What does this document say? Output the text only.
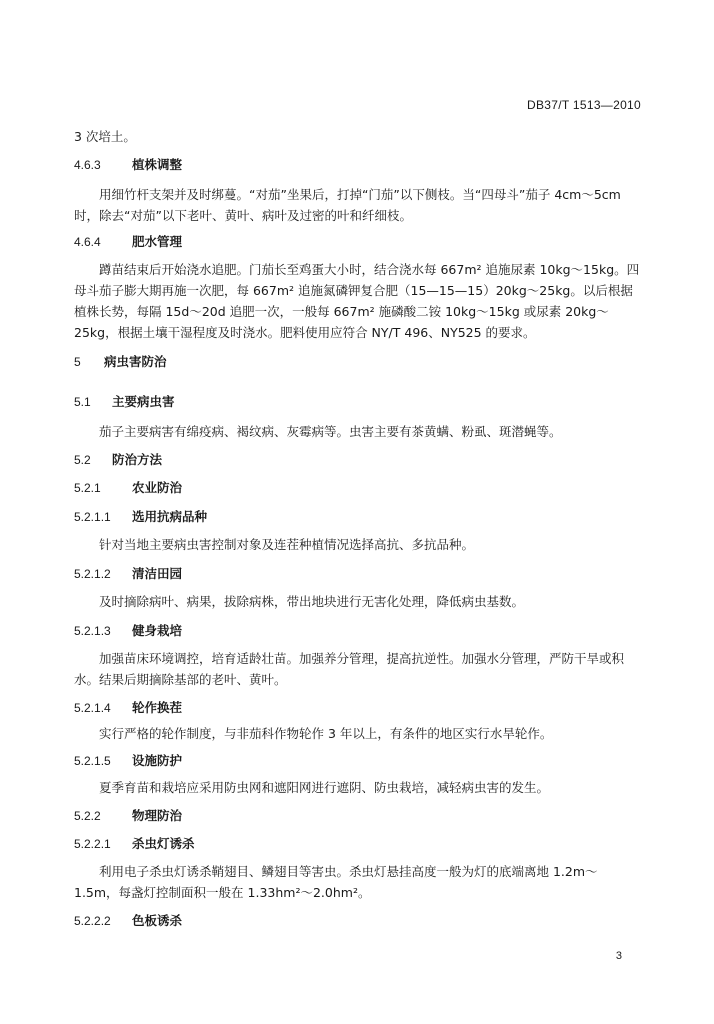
DB37/T 1513—2010
3 次培土。
4.6.3	植株调整
用细竹杆支架并及时绑蔓。“对茄”坐果后，打掉“门茄”以下侧枝。当“四母斗”茄子 4cm～5cm 时，除去“对茄”以下老叶、黄叶、病叶及过密的叶和纤细枝。
4.6.4	肥水管理
蹲苗结束后开始浇水追肥。门茄长至鸡蛋大小时，结合浇水每 667m² 追施尿素 10kg～15kg。四母斗茄子膨大期再施一次肥，每 667m² 追施氮磷钾复合肥（15—15—15）20kg～25kg。以后根据植株长势，每隔 15d～20d 追肥一次，一般每 667m² 施磷酸二铵 10kg～15kg 或尿素 20kg～25kg，根据土壤干湿程度及时浇水。肥料使用应符合 NY/T 496、NY525 的要求。
5 病虫害防治
5.1 主要病虫害
茄子主要病害有绵疫病、褐纹病、灰霉病等。虫害主要有茶黄螨、粉虱、斑潜蝇等。
5.2 防治方法
5.2.1	农业防治
5.2.1.1 选用抗病品种
针对当地主要病虫害控制对象及连茬种植情况选择高抗、多抗品种。
5.2.1.2 清洁田园
及时摘除病叶、病果，拔除病株，带出地块进行无害化处理，降低病虫基数。
5.2.1.3 健身栽培
加强苗床环境调控，培育适龄壮苗。加强养分管理，提高抗逆性。加强水分管理，严防干旱或积水。结果后期摘除基部的老叶、黄叶。
5.2.1.4 轮作换茬
实行严格的轮作制度，与非茄科作物轮作 3 年以上，有条件的地区实行水旱轮作。
5.2.1.5 设施防护
夏季育苗和栽培应采用防虫网和遮阳网进行遮阴、防虫栽培，减轻病虫害的发生。
5.2.2	物理防治
5.2.2.1 杀虫灯诱杀
利用电子杀虫灯诱杀鞘翅目、鳞翅目等害虫。杀虫灯悬挂高度一般为灯的底端离地 1.2m～1.5m，每盏灯控制面积一般在 1.33hm²～2.0hm²。
5.2.2.2 色板诱杀
3
